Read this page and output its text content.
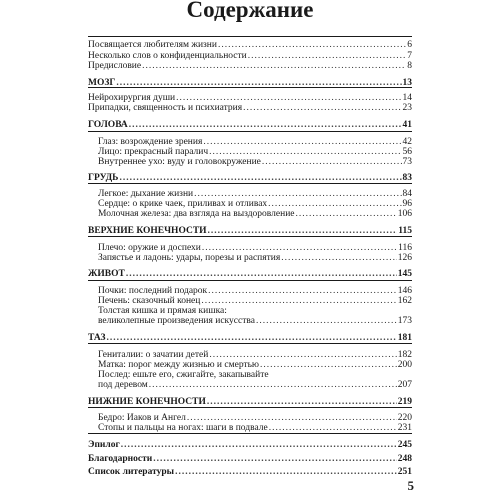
Содержание
Посвящается любителям жизни .....	6
Несколько слов о конфиденциальности .....	7
Предисловие .....	8
МОЗГ .....	13
Нейрохирургия души .....	14
Припадки, священность и психиатрия .....	23
ГОЛОВА .....	41
Глаз: возрождение зрения .....	42
Лицо: прекрасный паралич .....	56
Внутреннее ухо: вуду и головокружение .....	73
ГРУДЬ .....	83
Легкое: дыхание жизни .....	84
Сердце: о крике чаек, приливах и отливах .....	96
Молочная железа: два взгляда на выздоровление .....	106
ВЕРХНИЕ КОНЕЧНОСТИ .....	115
Плечо: оружие и доспехи .....	116
Запястье и ладонь: удары, порезы и распятия .....	126
ЖИВОТ .....	145
Почки: последний подарок .....	146
Печень: сказочный конец .....	162
Толстая кишка и прямая кишка:
великолепные произведения искусства .....	173
ТАЗ .....	181
Гениталии: о зачатии детей .....	182
Матка: порог между жизнью и смертью .....	200
Послед: ешьте его, сжигайте, закапывайте
под деревом .....	207
НИЖНИЕ КОНЕЧНОСТИ .....	219
Бедро: Иаков и Ангел .....	220
Стопы и пальцы на ногах: шаги в подвале .....	231
Эпилог .....	245
Благодарности .....	248
Список литературы .....	251
5
